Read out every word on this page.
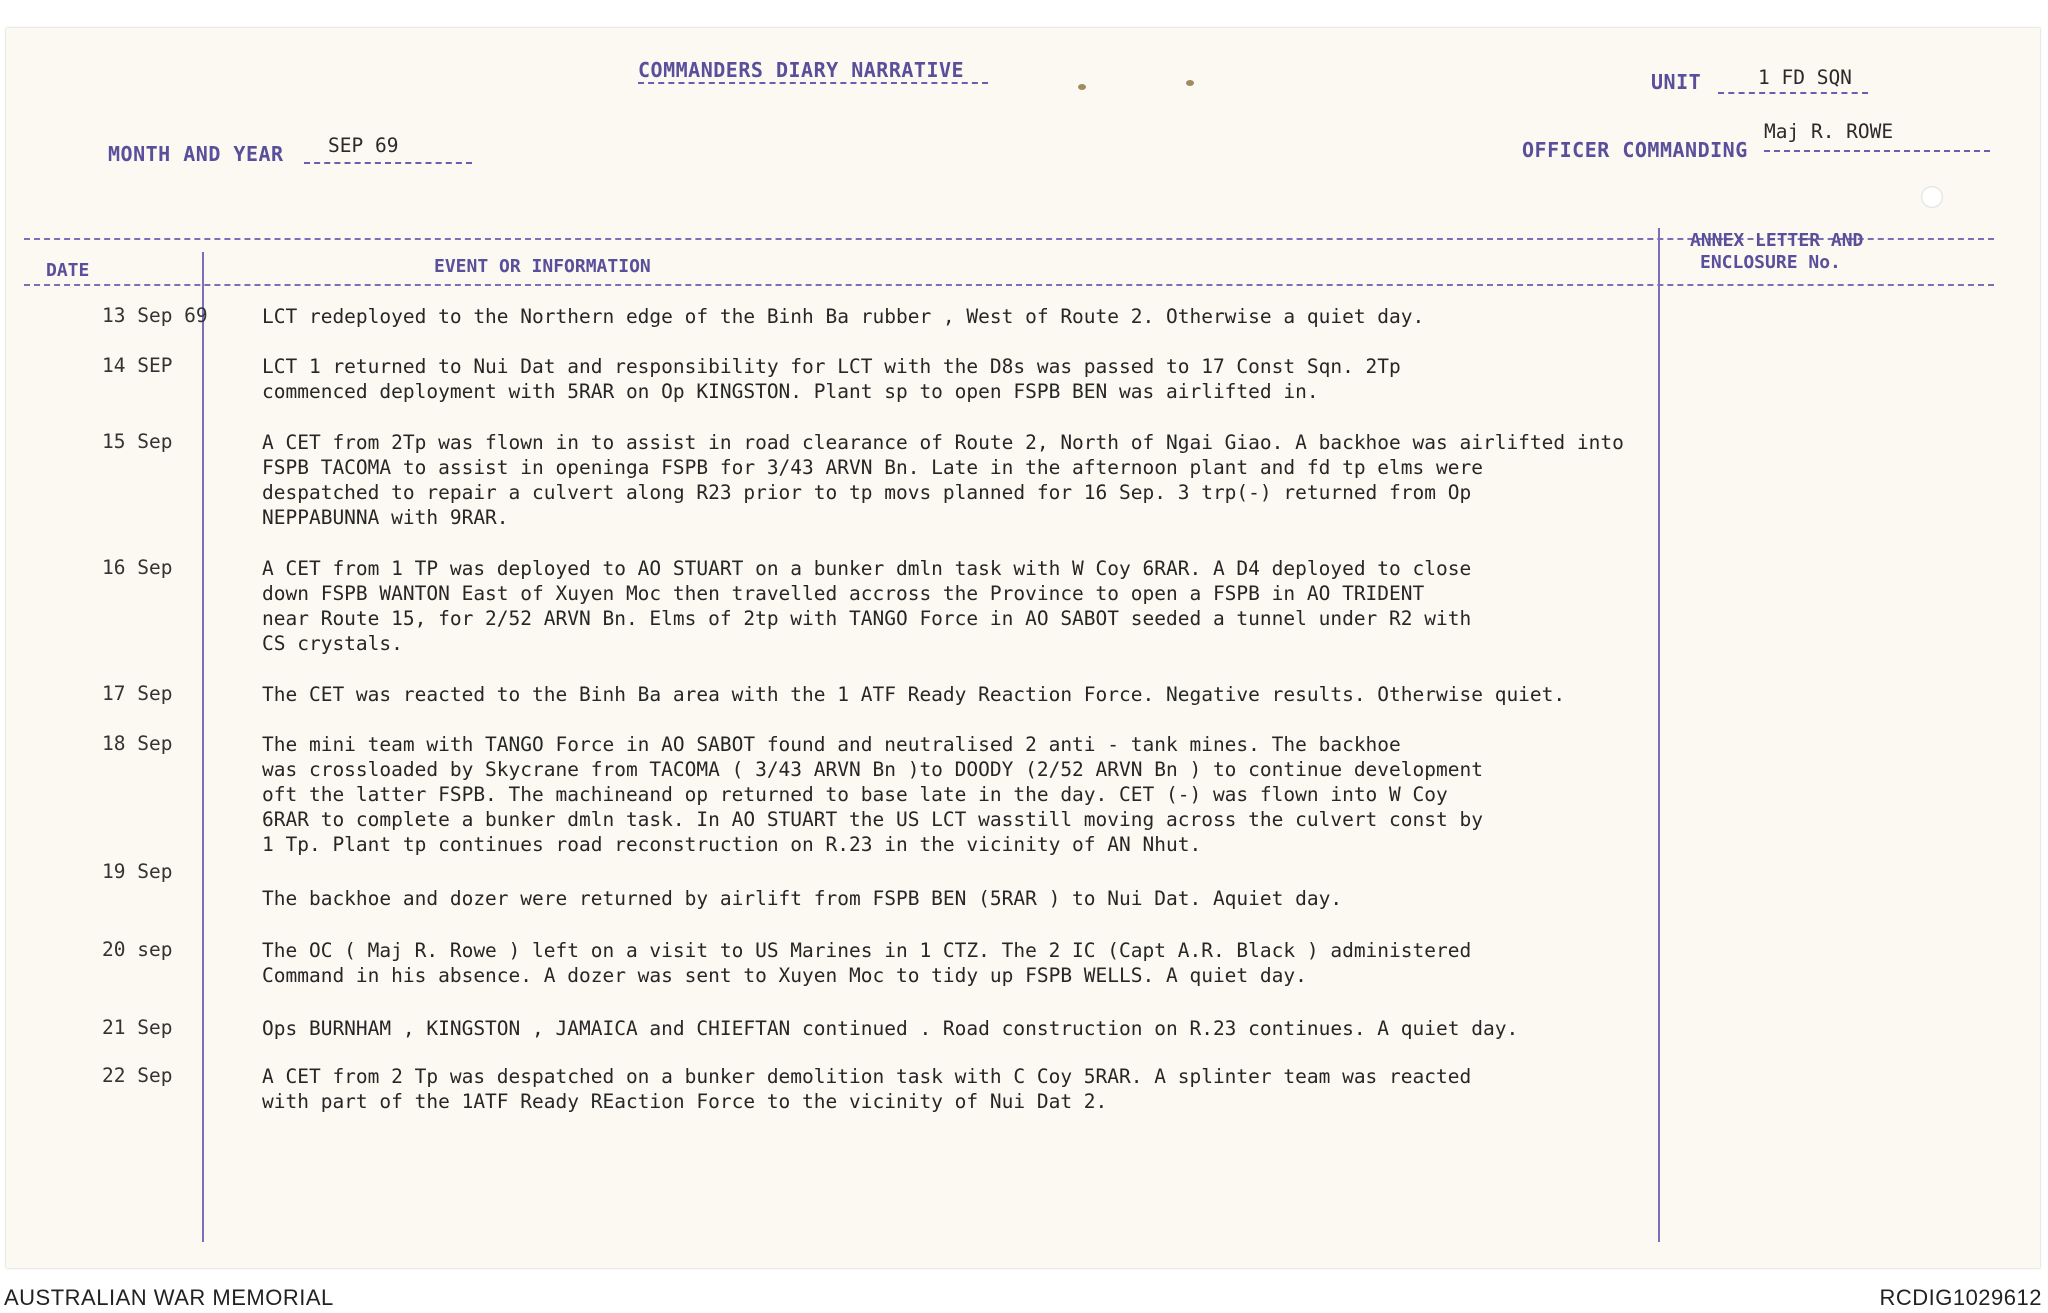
COMMANDERS DIARY NARRATIVE	UNIT	1 FD SQN
MONTH AND YEAR SEP 69	OFFICER COMMANDING
Maj R. ROWE
DATE	EVENT OR INFORMATION
ANNEX LETTER AND
ENCLOSURE No.
13 Sep 69	LCT redeployed to the Northern edge of the Binh Ba rubber , West of Route 2. Otherwise a quiet day.
14 SEP	LCT 1 returned to Nui Dat and responsibility for LCT with the D8s was passed to 17 Const Sqn. 2Tp
commenced deployment with 5RAR on Op KINGSTON. Plant sp to open FSPB BEN was airlifted in.
15 Sep	A CET from 2Tp was flown in to assist in road clearance of Route 2, North of Ngai Giao. A backhoe was airlifted into
FSPB TACOMA to assist in openinga FSPB for 3/43 ARVN Bn. Late in the afternoon plant and fd tp elms were
despatched to repair a culvert along R23 prior to tp movs planned for 16 Sep. 3 trp(-) returned from Op
NEPPABUNNA with 9RAR.
16 Sep	A CET from 1 TP was deployed to AO STUART on a bunker dmln task with W Coy 6RAR. A D4 deployed to close
down FSPB WANTON East of Xuyen Moc then travelled accross the Province to open a FSPB in AO TRIDENT
near Route 15, for 2/52 ARVN Bn. Elms of 2tp with TANGO Force in AO SABOT seeded a tunnel under R2 with
CS crystals.
17 Sep	The CET was reacted to the Binh Ba area with the 1 ATF Ready Reaction Force. Negative results. Otherwise quiet.
18 Sep	The mini team with TANGO Force in AO SABOT found and neutralised 2 anti - tank mines. The backhoe
was crossloaded by Skycrane from TACOMA ( 3/43 ARVN Bn )to DOODY (2/52 ARVN Bn ) to continue development
oft the latter FSPB. The machineand op returned to base late in the day. CET (-) was flown into W Coy
6RAR to complete a bunker dmln task. In AO STUART the US LCT wasstill moving across the culvert const by
1 Tp. Plant tp continues road reconstruction on R.23 in the vicinity of AN Nhut.
19 Sep
The backhoe and dozer were returned by airlift from FSPB BEN (5RAR ) to Nui Dat. Aquiet day.
20 sep	The OC ( Maj R. Rowe ) left on a visit to US Marines in 1 CTZ. The 2 IC (Capt A.R. Black ) administered
Command in his absence. A dozer was sent to Xuyen Moc to tidy up FSPB WELLS. A quiet day.
21 Sep	Ops BURNHAM , KINGSTON , JAMAICA and CHIEFTAN continued . Road construction on R.23 continues. A quiet day.
22 Sep	A CET from 2 Tp was despatched on a bunker demolition task with C Coy 5RAR. A splinter team was reacted
with part of the 1ATF Ready REaction Force to the vicinity of Nui Dat 2.
AUSTRALIAN WAR MEMORIAL	RCDIG1029612
